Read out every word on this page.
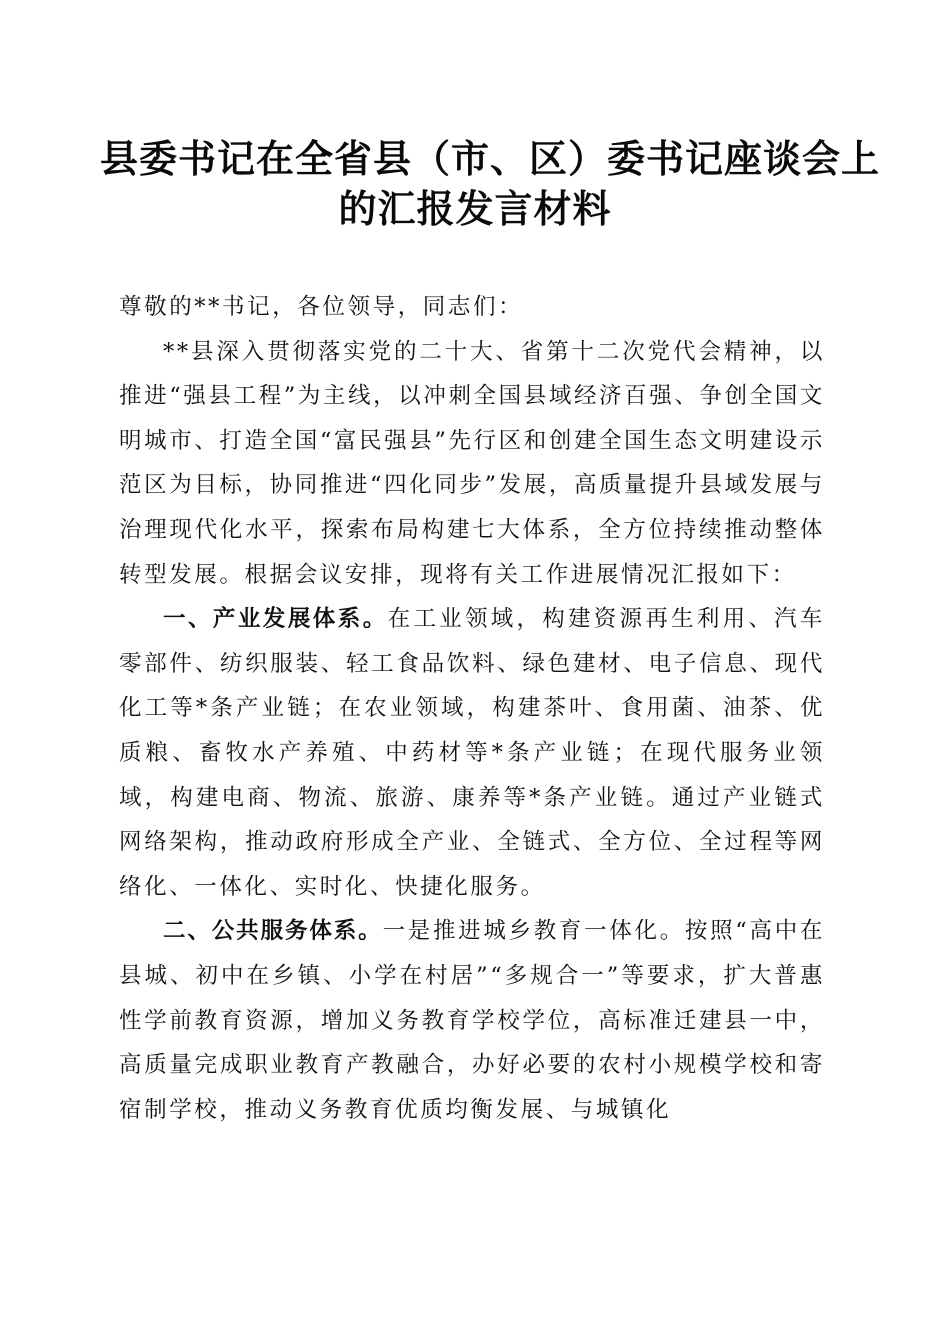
县委书记在全省县（市、区）委书记座谈会上
的汇报发言材料

尊敬的**书记，各位领导，同志们：

**县深入贯彻落实党的二十大、省第十二次党代会精神，以推进“强县工程”为主线，以冲刺全国县域经济百强、争创全国文明城市、打造全国“富民强县”先行区和创建全国生态文明建设示范区为目标，协同推进“四化同步”发展，高质量提升县域发展与治理现代化水平，探索布局构建七大体系，全方位持续推动整体转型发展。根据会议安排，现将有关工作进展情况汇报如下：

一、产业发展体系。在工业领域，构建资源再生利用、汽车零部件、纺织服装、轻工食品饮料、绿色建材、电子信息、现代化工等*条产业链；在农业领域，构建茶叶、食用菌、油茶、优质粮、畜牧水产养殖、中药材等*条产业链；在现代服务业领域，构建电商、物流、旅游、康养等*条产业链。通过产业链式网络架构，推动政府形成全产业、全链式、全方位、全过程等网络化、一体化、实时化、快捷化服务。

二、公共服务体系。一是推进城乡教育一体化。按照“高中在县城、初中在乡镇、小学在村居”“多规合一”等要求，扩大普惠性学前教育资源，增加义务教育学校学位，高标准迁建县一中，高质量完成职业教育产教融合，办好必要的农村小规模学校和寄宿制学校，推动义务教育优质均衡发展、与城镇化
